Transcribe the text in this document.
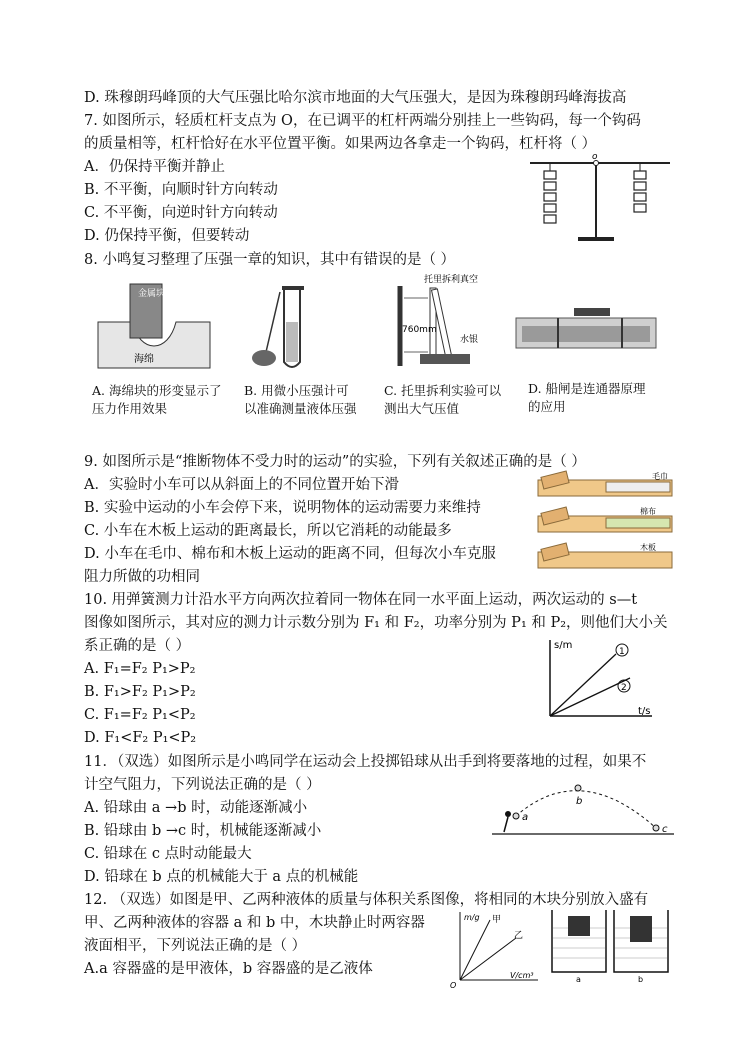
D. 珠穆朗玛峰顶的大气压强比哈尔滨市地面的大气压强大，是因为珠穆朗玛峰海拔高
7. 如图所示，轻质杠杆支点为 O，在已调平的杠杆两端分别挂上一些钩码，每一个钩码
的质量相等，杠杆恰好在水平位置平衡。如果两边各拿走一个钩码，杠杆将（ ）
A．仍保持平衡并静止
B. 不平衡，向顺时针方向转动
C. 不平衡，向逆时针方向转动
D. 仍保持平衡，但要转动
8. 小鸣复习整理了压强一章的知识，其中有错误的是（ ）
9. 如图所示是“推断物体不受力时的运动”的实验，下列有关叙述正确的是（ ）
A．实验时小车可以从斜面上的不同位置开始下滑
B. 实验中运动的小车会停下来，说明物体的运动需要力来维持
C. 小车在木板上运动的距离最长，所以它消耗的动能最多
D. 小车在毛巾、棉布和木板上运动的距离不同，但每次小车克服
阻力所做的功相同
10. 用弹簧测力计沿水平方向两次拉着同一物体在同一水平面上运动，两次运动的 s—t
图像如图所示，其对应的测力计示数分别为 F₁ 和 F₂，功率分别为 P₁ 和 P₂，则他们大小关
系正确的是（ ）
A. F₁=F₂ P₁>P₂
B. F₁>F₂ P₁>P₂
C. F₁=F₂ P₁<P₂
D. F₁<F₂ P₁<P₂
11．（双选）如图所示是小鸣同学在运动会上投掷铅球从出手到将要落地的过程，如果不
计空气阻力，下列说法正确的是（ ）
A. 铅球由 a →b 时，动能逐渐减小
B. 铅球由 b →c 时，机械能逐渐减小
C. 铅球在 c 点时动能最大
D. 铅球在 b 点的机械能大于 a 点的机械能
12. （双选）如图是甲、乙两种液体的质量与体积关系图像，将相同的木块分别放入盛有
甲、乙两种液体的容器 a 和 b 中，木块静止时两容器
液面相平，下列说法正确的是（ ）
A.a 容器盛的是甲液体，b 容器盛的是乙液体
o
金属块
海绵
托里拆利真空
760mm
水银
A. 海绵块的形变显示了压力作用效果
B. 用微小压强计可以准确测量液体压强
C. 托里拆利实验可以测出大气压值
D. 船闸是连通器原理的应用
毛巾
棉布
木板
s/m
t/s
1
2
a
b
c
m/g
V/cm³
O
甲
乙
a	b
